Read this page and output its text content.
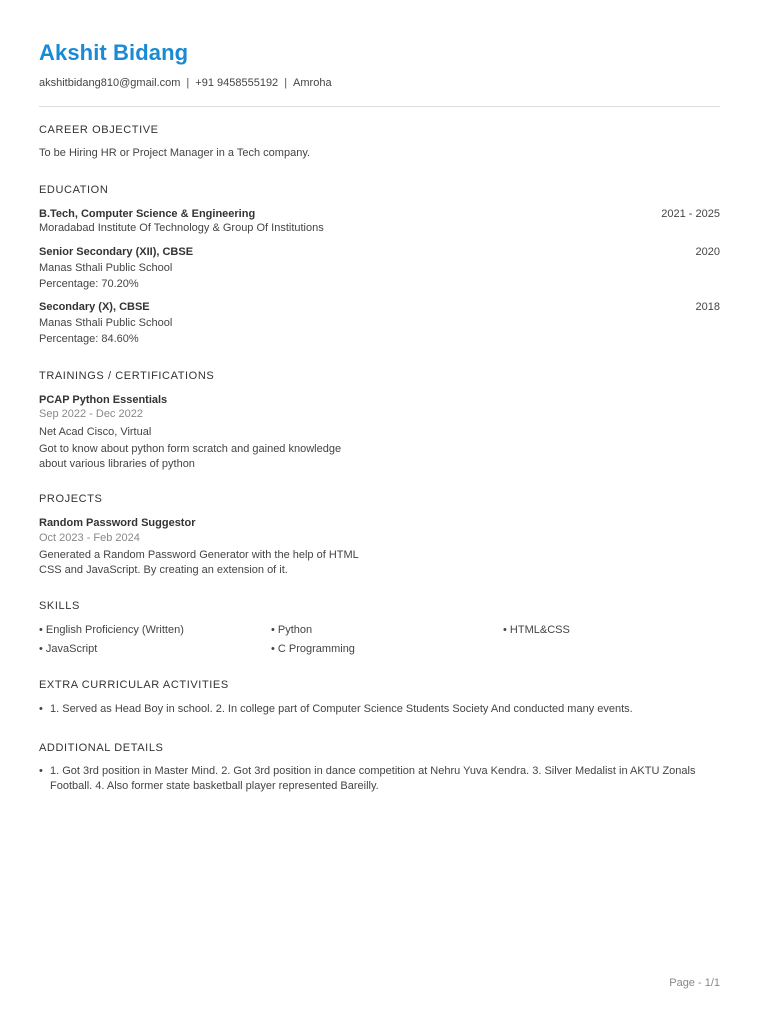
Akshit Bidang
akshitbidang810@gmail.com | +91 9458555192 | Amroha
CAREER OBJECTIVE
To be Hiring HR or Project Manager in a Tech company.
EDUCATION
B.Tech, Computer Science & Engineering	2021 - 2025
Moradabad Institute Of Technology & Group Of Institutions
Senior Secondary (XII), CBSE	2020
Manas Sthali Public School
Percentage: 70.20%
Secondary (X), CBSE	2018
Manas Sthali Public School
Percentage: 84.60%
TRAININGS / CERTIFICATIONS
PCAP Python Essentials
Sep 2022 - Dec 2022
Net Acad Cisco, Virtual
Got to know about python form scratch and gained knowledge
about various libraries of python
PROJECTS
Random Password Suggestor
Oct 2023 - Feb 2024
Generated a Random Password Generator with the help of HTML
CSS and JavaScript. By creating an extension of it.
SKILLS
• English Proficiency (Written)	• Python	• HTML&CSS
• JavaScript	• C Programming
EXTRA CURRICULAR ACTIVITIES
• 1. Served as Head Boy in school. 2. In college part of Computer Science Students Society And conducted many events.
ADDITIONAL DETAILS
• 1. Got 3rd position in Master Mind. 2. Got 3rd position in dance competition at Nehru Yuva Kendra. 3. Silver Medalist in AKTU Zonals Football. 4. Also former state basketball player represented Bareilly.
Page - 1/1
